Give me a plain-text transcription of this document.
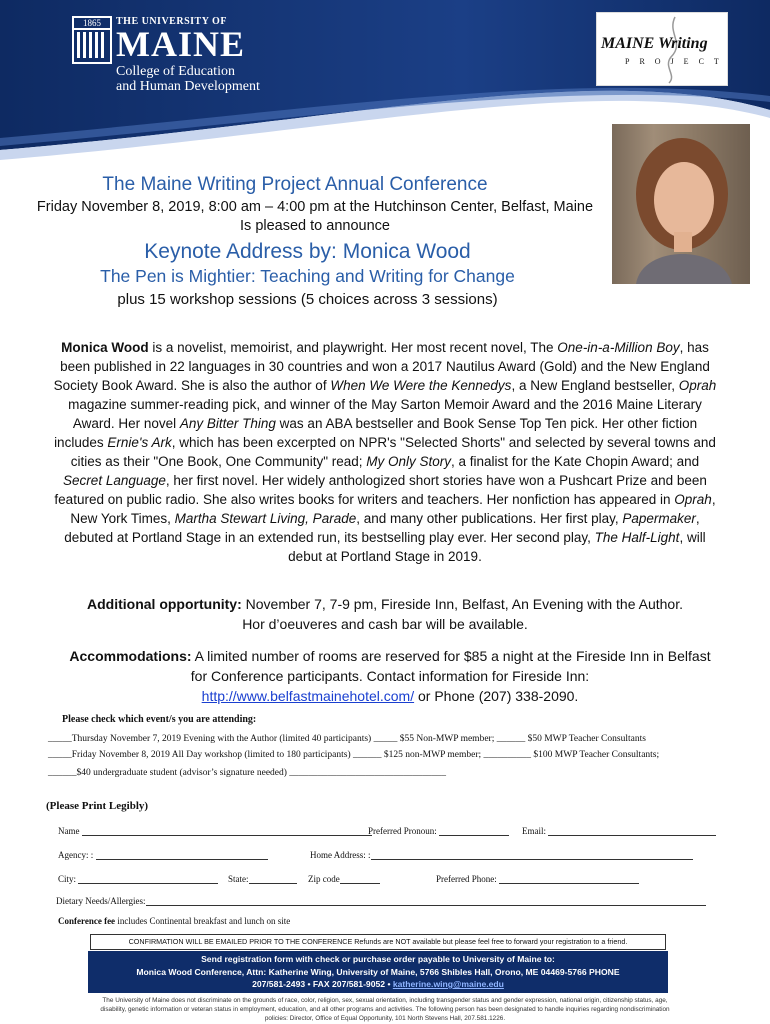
1865	THE UNIVERSITY OF
MAINE
College of Education
and Human Development
MAINE Writing
PROJECT
The Maine Writing Project Annual Conference
Friday November 8, 2019, 8:00 am – 4:00 pm at the Hutchinson Center, Belfast, Maine
Is pleased to announce
Keynote Address by: Monica Wood
The Pen is Mightier: Teaching and Writing for Change
plus 15 workshop sessions (5 choices across 3 sessions)
Monica Wood is a novelist, memoirist, and playwright. Her most recent novel, The One-in-a-Million Boy, has been published in 22 languages in 30 countries and won a 2017 Nautilus Award (Gold) and the New England Society Book Award. She is also the author of When We Were the Kennedys, a New England bestseller, Oprah magazine summer-reading pick, and winner of the May Sarton Memoir Award and the 2016 Maine Literary Award. Her novel Any Bitter Thing was an ABA bestseller and Book Sense Top Ten pick. Her other fiction includes Ernie's Ark, which has been excerpted on NPR's "Selected Shorts" and selected by several towns and cities as their "One Book, One Community" read; My Only Story, a finalist for the Kate Chopin Award; and Secret Language, her first novel. Her widely anthologized short stories have won a Pushcart Prize and been featured on public radio. She also writes books for writers and teachers. Her nonfiction has appeared in Oprah, New York Times, Martha Stewart Living, Parade, and many other publications. Her first play, Papermaker, debuted at Portland Stage in an extended run, its bestselling play ever. Her second play, The Half-Light, will debut at Portland Stage in 2019.
Additional opportunity: November 7, 7-9 pm, Fireside Inn, Belfast, An Evening with the Author.
Hor d’oeuveres and cash bar will be available.
Accommodations: A limited number of rooms are reserved for $85 a night at the Fireside Inn in Belfast for Conference participants. Contact information for Fireside Inn:
http://www.belfastmainehotel.com/ or Phone (207) 338-2090.
Please check which event/s you are attending:
_____Thursday November 7, 2019 Evening with the Author (limited 40 participants) _____ $55 Non-MWP member; ______ $50 MWP Teacher Consultants
_____Friday November 8, 2019 All Day workshop (limited to 180 participants) ______ $125 non-MWP member; __________ $100 MWP Teacher Consultants;
______$40 undergraduate student (advisor’s signature needed) _________________________________
(Please Print Legibly)
Name	Preferred Pronoun:	Email:
Agency: :	Home Address: :
City:	State:	Zip code	Preferred Phone:
Dietary Needs/Allergies:
Conference fee includes Continental breakfast and lunch on site
CONFIRMATION WILL BE EMAILED PRIOR TO THE CONFERENCE Refunds are NOT available but please feel free to forward your registration to a friend.
Send registration form with check or purchase order payable to University of Maine to:
Monica Wood Conference, Attn: Katherine Wing, University of Maine, 5766 Shibles Hall, Orono, ME 04469-5766 PHONE
207/581-2493 • FAX 207/581-9052 • katherine.wing@maine.edu
The University of Maine does not discriminate on the grounds of race, color, religion, sex, sexual orientation, including transgender status and gender expression, national origin, citizenship status, age, disability, genetic information or veteran status in employment, education, and all other programs and activities. The following person has been designated to handle inquiries regarding nondiscrimination policies: Director, Office of Equal Opportunity, 101 North Stevens Hall, 207.581.1226.
